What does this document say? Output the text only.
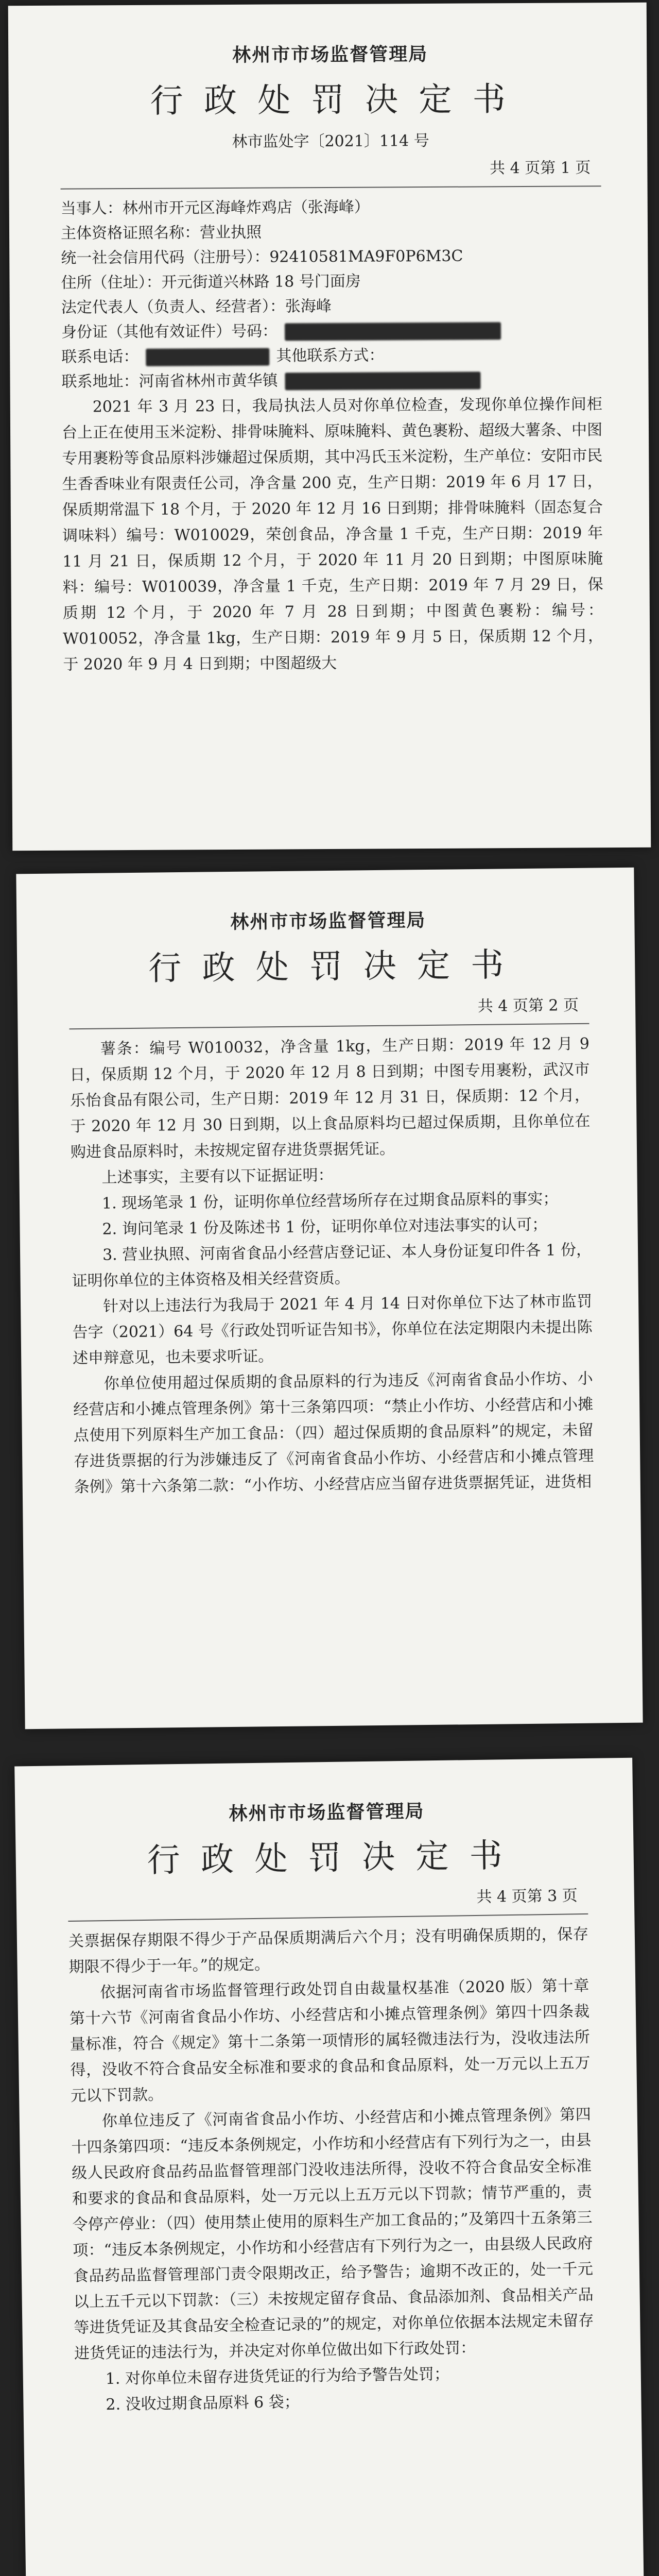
林州市市场监督管理局
行 政 处 罚 决 定 书
林市监处字〔2021〕114 号
共 4 页第 1 页
当事人：林州市开元区海峰炸鸡店（张海峰）
主体资格证照名称：营业执照
统一社会信用代码（注册号）：92410581MA9F0P6M3C
住所（住址）：开元街道兴林路 18 号门面房
法定代表人（负责人、经营者）：张海峰
身份证（其他有效证件）号码：
联系电话：	其他联系方式：
联系地址：河南省林州市黄华镇

2021 年 3 月 23 日，我局执法人员对你单位检查，发现你单位操作间柜台上正在使用玉米淀粉、排骨味腌料、原味腌料、黄色裹粉、超级大薯条、中图专用裹粉等食品原料涉嫌超过保质期，其中冯氏玉米淀粉，生产单位：安阳市民生香香味业有限责任公司，净含量 200 克，生产日期：2019 年 6 月 17 日，保质期常温下 18 个月，于 2020 年 12 月 16 日到期；排骨味腌料（固态复合调味料）编号：W010029，荣创食品，净含量 1 千克，生产日期：2019 年 11 月 21 日，保质期 12 个月，于 2020 年 11 月 20 日到期；中图原味腌料：编号：W010039，净含量 1 千克，生产日期：2019 年 7 月 29 日，保质期 12 个月，于 2020 年 7 月 28 日到期；中图黄色裹粉：编号：W010052，净含量 1kg，生产日期：2019 年 9 月 5 日，保质期 12 个月，于 2020 年 9 月 4 日到期；中图超级大

林州市市场监督管理局
行 政 处 罚 决 定 书
共 4 页第 2 页

薯条：编号 W010032，净含量 1kg，生产日期：2019 年 12 月 9 日，保质期 12 个月，于 2020 年 12 月 8 日到期；中图专用裹粉，武汉市乐怡食品有限公司，生产日期：2019 年 12 月 31 日，保质期：12 个月，于 2020 年 12 月 30 日到期，以上食品原料均已超过保质期，且你单位在购进食品原料时，未按规定留存进货票据凭证。

上述事实，主要有以下证据证明：

1. 现场笔录 1 份，证明你单位经营场所存在过期食品原料的事实；

2. 询问笔录 1 份及陈述书 1 份，证明你单位对违法事实的认可；

3. 营业执照、河南省食品小经营店登记证、本人身份证复印件各 1 份，证明你单位的主体资格及相关经营资质。

针对以上违法行为我局于 2021 年 4 月 14 日对你单位下达了林市监罚告字（2021）64 号《行政处罚听证告知书》，你单位在法定期限内未提出陈述申辩意见，也未要求听证。

你单位使用超过保质期的食品原料的行为违反《河南省食品小作坊、小经营店和小摊点管理条例》第十三条第四项：“禁止小作坊、小经营店和小摊点使用下列原料生产加工食品：（四）超过保质期的食品原料”的规定，未留存进货票据的行为涉嫌违反了《河南省食品小作坊、小经营店和小摊点管理条例》第十六条第二款：“小作坊、小经营店应当留存进货票据凭证，进货相

林州市市场监督管理局
行 政 处 罚 决 定 书
共 4 页第 3 页

关票据保存期限不得少于产品保质期满后六个月；没有明确保质期的，保存期限不得少于一年。”的规定。

依据河南省市场监督管理行政处罚自由裁量权基准（2020 版）第十章第十六节《河南省食品小作坊、小经营店和小摊点管理条例》第四十四条裁量标准，符合《规定》第十二条第一项情形的属轻微违法行为，没收违法所得，没收不符合食品安全标准和要求的食品和食品原料，处一万元以上五万元以下罚款。

你单位违反了《河南省食品小作坊、小经营店和小摊点管理条例》第四十四条第四项：“违反本条例规定，小作坊和小经营店有下列行为之一，由县级人民政府食品药品监督管理部门没收违法所得，没收不符合食品安全标准和要求的食品和食品原料，处一万元以上五万元以下罚款；情节严重的，责令停产停业：（四）使用禁止使用的原料生产加工食品的；”及第四十五条第三项：“违反本条例规定，小作坊和小经营店有下列行为之一，由县级人民政府食品药品监督管理部门责令限期改正，给予警告；逾期不改正的，处一千元以上五千元以下罚款：（三）未按规定留存食品、食品添加剂、食品相关产品等进货凭证及其食品安全检查记录的”的规定，对你单位依据本法规定未留存进货凭证的违法行为，并决定对你单位做出如下行政处罚：

1. 对你单位未留存进货凭证的行为给予警告处罚；

2. 没收过期食品原料 6 袋；
